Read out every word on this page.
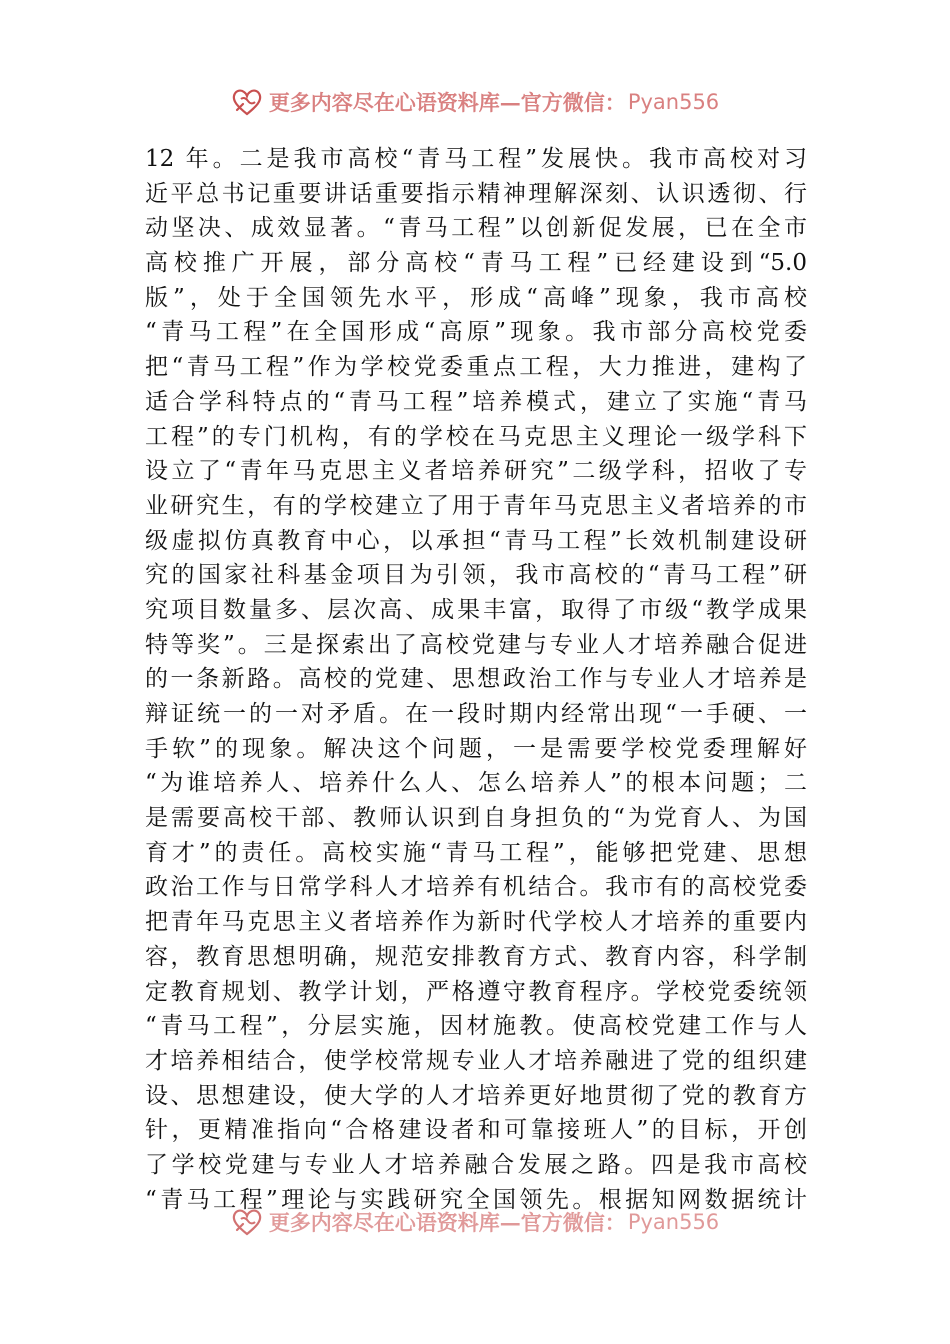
更多内容尽在心语资料库—官方微信： Pyan556
12 年。二是我市高校“青马工程”发展快。我市高校对习
近平总书记重要讲话重要指示精神理解深刻、认识透彻、行
动坚决、成效显著。“青马工程”以创新促发展，已在全市
高校推广开展，部分高校“青马工程”已经建设到“5.0
版”，处于全国领先水平，形成“高峰”现象，我市高校
“青马工程”在全国形成“高原”现象。我市部分高校党委
把“青马工程”作为学校党委重点工程，大力推进，建构了
适合学科特点的“青马工程”培养模式，建立了实施“青马
工程”的专门机构，有的学校在马克思主义理论一级学科下
设立了“青年马克思主义者培养研究”二级学科，招收了专
业研究生，有的学校建立了用于青年马克思主义者培养的市
级虚拟仿真教育中心，以承担“青马工程”长效机制建设研
究的国家社科基金项目为引领，我市高校的“青马工程”研
究项目数量多、层次高、成果丰富，取得了市级“教学成果
特等奖”。三是探索出了高校党建与专业人才培养融合促进
的一条新路。高校的党建、思想政治工作与专业人才培养是
辩证统一的一对矛盾。在一段时期内经常出现“一手硬、一
手软”的现象。解决这个问题，一是需要学校党委理解好
“为谁培养人、培养什么人、怎么培养人”的根本问题；二
是需要高校干部、教师认识到自身担负的“为党育人、为国
育才”的责任。高校实施“青马工程”，能够把党建、思想
政治工作与日常学科人才培养有机结合。我市有的高校党委
把青年马克思主义者培养作为新时代学校人才培养的重要内
容，教育思想明确，规范安排教育方式、教育内容，科学制
定教育规划、教学计划，严格遵守教育程序。学校党委统领
“青马工程”，分层实施，因材施教。使高校党建工作与人
才培养相结合，使学校常规专业人才培养融进了党的组织建
设、思想建设，使大学的人才培养更好地贯彻了党的教育方
针，更精准指向“合格建设者和可靠接班人”的目标，开创
了学校党建与专业人才培养融合发展之路。四是我市高校
“青马工程”理论与实践研究全国领先。根据知网数据统计
更多内容尽在心语资料库—官方微信： Pyan556
